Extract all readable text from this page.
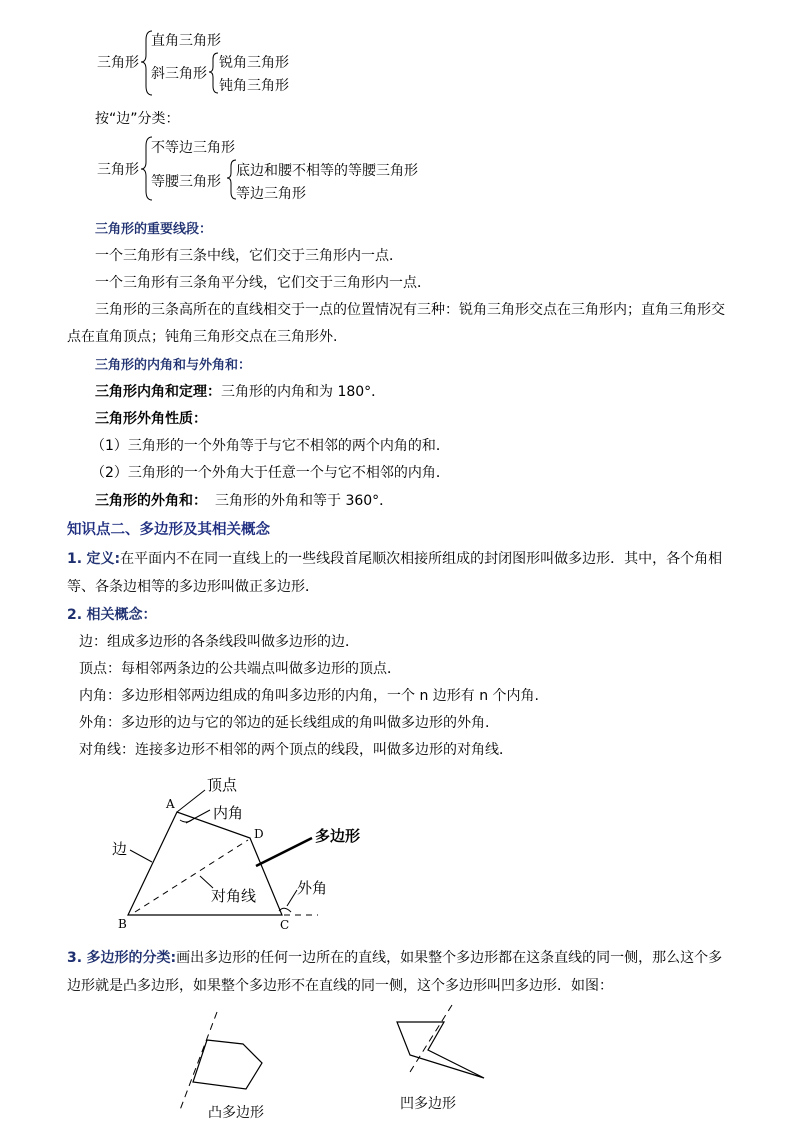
三角形
直角三角形
斜三角形
锐角三角形
钝角三角形
按“边”分类：
三角形
不等边三角形
等腰三角形
底边和腰不相等的等腰三角形
等边三角形
三角形的重要线段：
一个三角形有三条中线，它们交于三角形内一点．
一个三角形有三条角平分线，它们交于三角形内一点．
三角形的三条高所在的直线相交于一点的位置情况有三种：锐角三角形交点在三角形内；直角三角形交
点在直角顶点；钝角三角形交点在三角形外.
三角形的内角和与外角和：
三角形内角和定理：三角形的内角和为 180°．
三角形外角性质：
（1）三角形的一个外角等于与它不相邻的两个内角的和．
（2）三角形的一个外角大于任意一个与它不相邻的内角．
三角形的外角和： 三角形的外角和等于 360°．
知识点二、多边形及其相关概念
1. 定义:在平面内不在同一直线上的一些线段首尾顺次相接所组成的封闭图形叫做多边形．其中，各个角相
等、各条边相等的多边形叫做正多边形．
2. 相关概念：
边：组成多边形的各条线段叫做多边形的边．
顶点：每相邻两条边的公共端点叫做多边形的顶点．
内角：多边形相邻两边组成的角叫多边形的内角，一个 n 边形有 n 个内角.
外角：多边形的边与它的邻边的延长线组成的角叫做多边形的外角.
对角线：连接多边形不相邻的两个顶点的线段，叫做多边形的对角线．
顶点
内角
边
多边形
对角线	外角
A
B	C
D
3. 多边形的分类:画出多边形的任何一边所在的直线，如果整个多边形都在这条直线的同一侧，那么这个多
边形就是凸多边形，如果整个多边形不在直线的同一侧，这个多边形叫凹多边形．如图：
凸多边形
凹多边形
